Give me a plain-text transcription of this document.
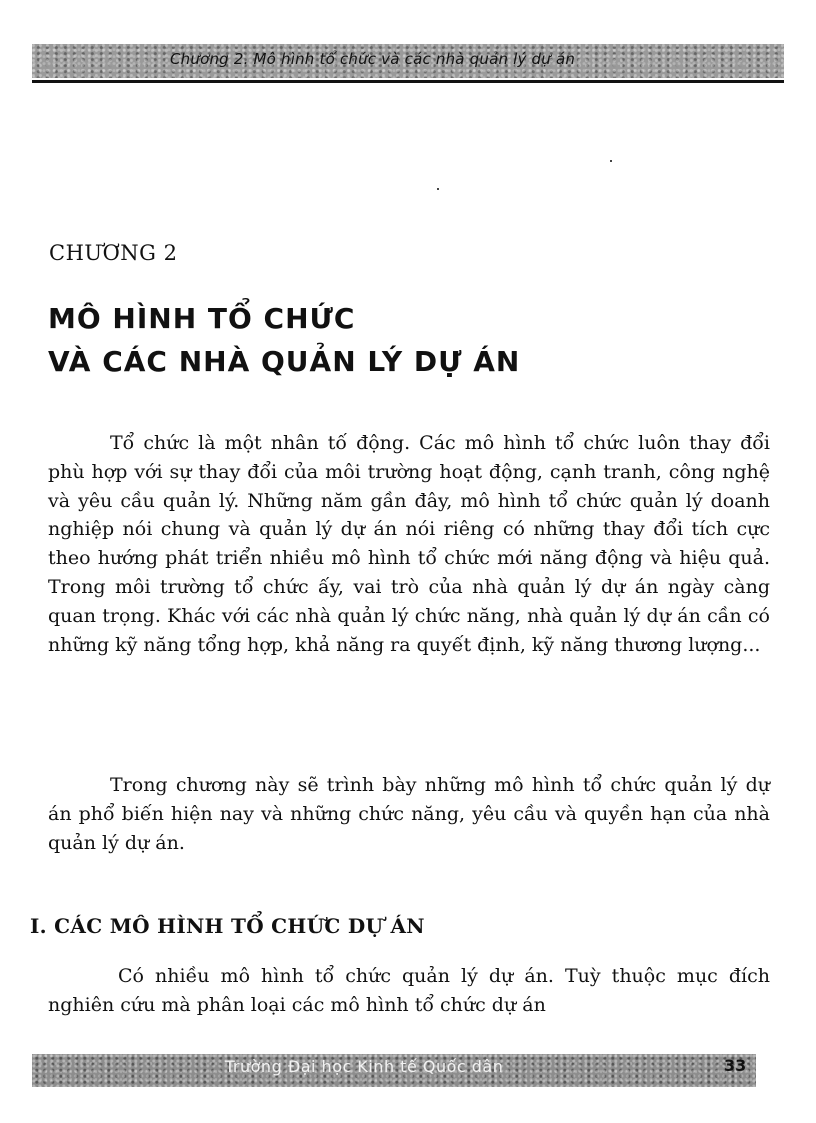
Chương 2. Mô hình tổ chức và các nhà quản lý dự án
CHƯƠNG 2
MÔ HÌNH TỔ CHỨC
VÀ CÁC NHÀ QUẢN LÝ DỰ ÁN

Tổ chức là một nhân tố động. Các mô hình tổ chức luôn thay đổi phù hợp với sự thay đổi của môi trường hoạt động, cạnh tranh, công nghệ và yêu cầu quản lý. Những năm gần đây, mô hình tổ chức quản lý doanh nghiệp nói chung và quản lý dự án nói riêng có những thay đổi tích cực theo hướng phát triển nhiều mô hình tổ chức mới năng động và hiệu quả. Trong môi trường tổ chức ấy, vai trò của nhà quản lý dự án ngày càng quan trọng. Khác với các nhà quản lý chức năng, nhà quản lý dự án cần có những kỹ năng tổng hợp, khả năng ra quyết định, kỹ năng thương lượng...

Trong chương này sẽ trình bày những mô hình tổ chức quản lý dự án phổ biến hiện nay và những chức năng, yêu cầu và quyền hạn của nhà quản lý dự án.

I. CÁC MÔ HÌNH TỔ CHỨC DỰ ÁN

Có nhiều mô hình tổ chức quản lý dự án. Tuỳ thuộc mục đích nghiên cứu mà phân loại các mô hình tổ chức dự án

Trường Đại học Kinh tế Quốc dân	33
